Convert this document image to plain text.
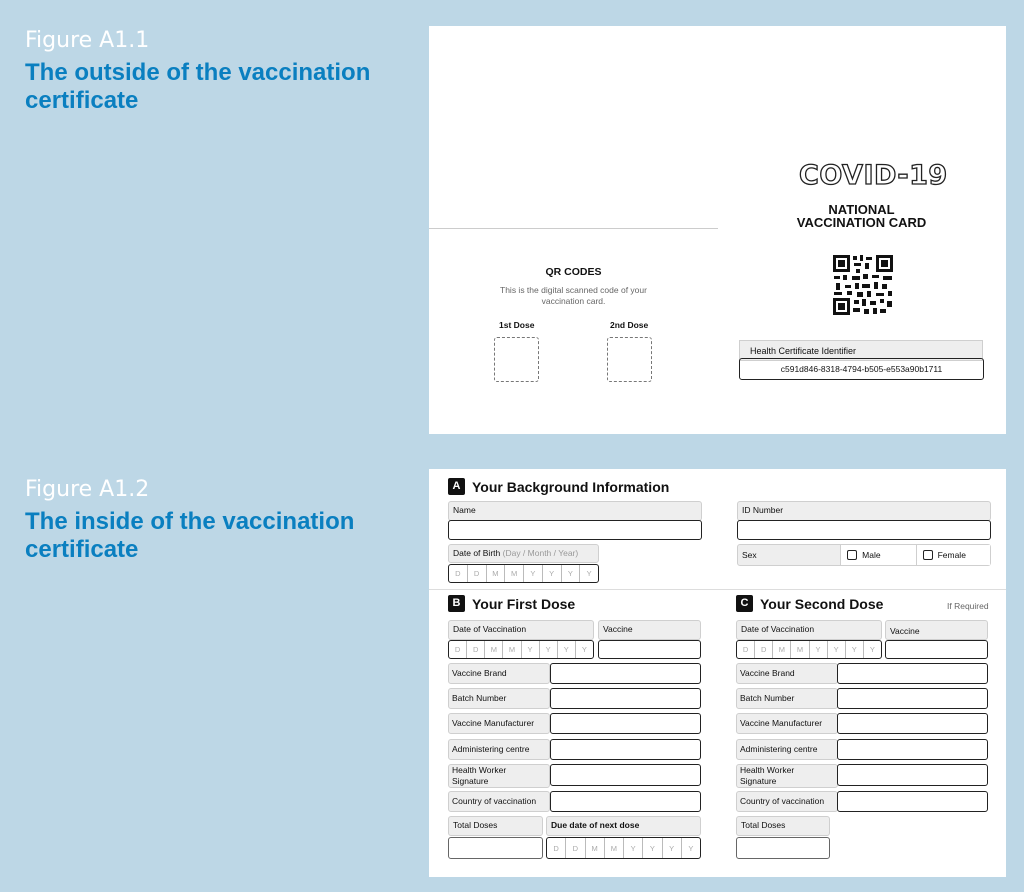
Figure A1.1
The outside of the vaccination certificate
Figure A1.2
The inside of the vaccination certificate
QR CODES
This is the digital scanned code of your
vaccination card.
1st Dose	2nd Dose
COVID-19
NATIONAL
VACCINATION CARD
Health Certificate Identifier
c591d846-8318-4794-b505-e553a90b1711
A Your Background Information
Name	ID Number
Date of Birth (Day / Month / Year)
D	D	M	M	Y	Y	Y	Y
Sex	Male	Female
B Your First Dose
Date of Vaccination
D	D	M	M	Y	Y	Y	Y
Vaccine
Vaccine Brand
Batch Number
Vaccine Manufacturer
Administering centre
Health Worker
Signature
Country of vaccination
Total Doses	Due date of next dose
D	D	M	M	Y	Y	Y	Y
C Your Second Dose	If Required
Date of Vaccination
D	D	M	M	Y	Y	Y	Y
Vaccine
Vaccine Brand
Batch Number
Vaccine Manufacturer
Administering centre
Health Worker
Signature
Country of vaccination
Total Doses
